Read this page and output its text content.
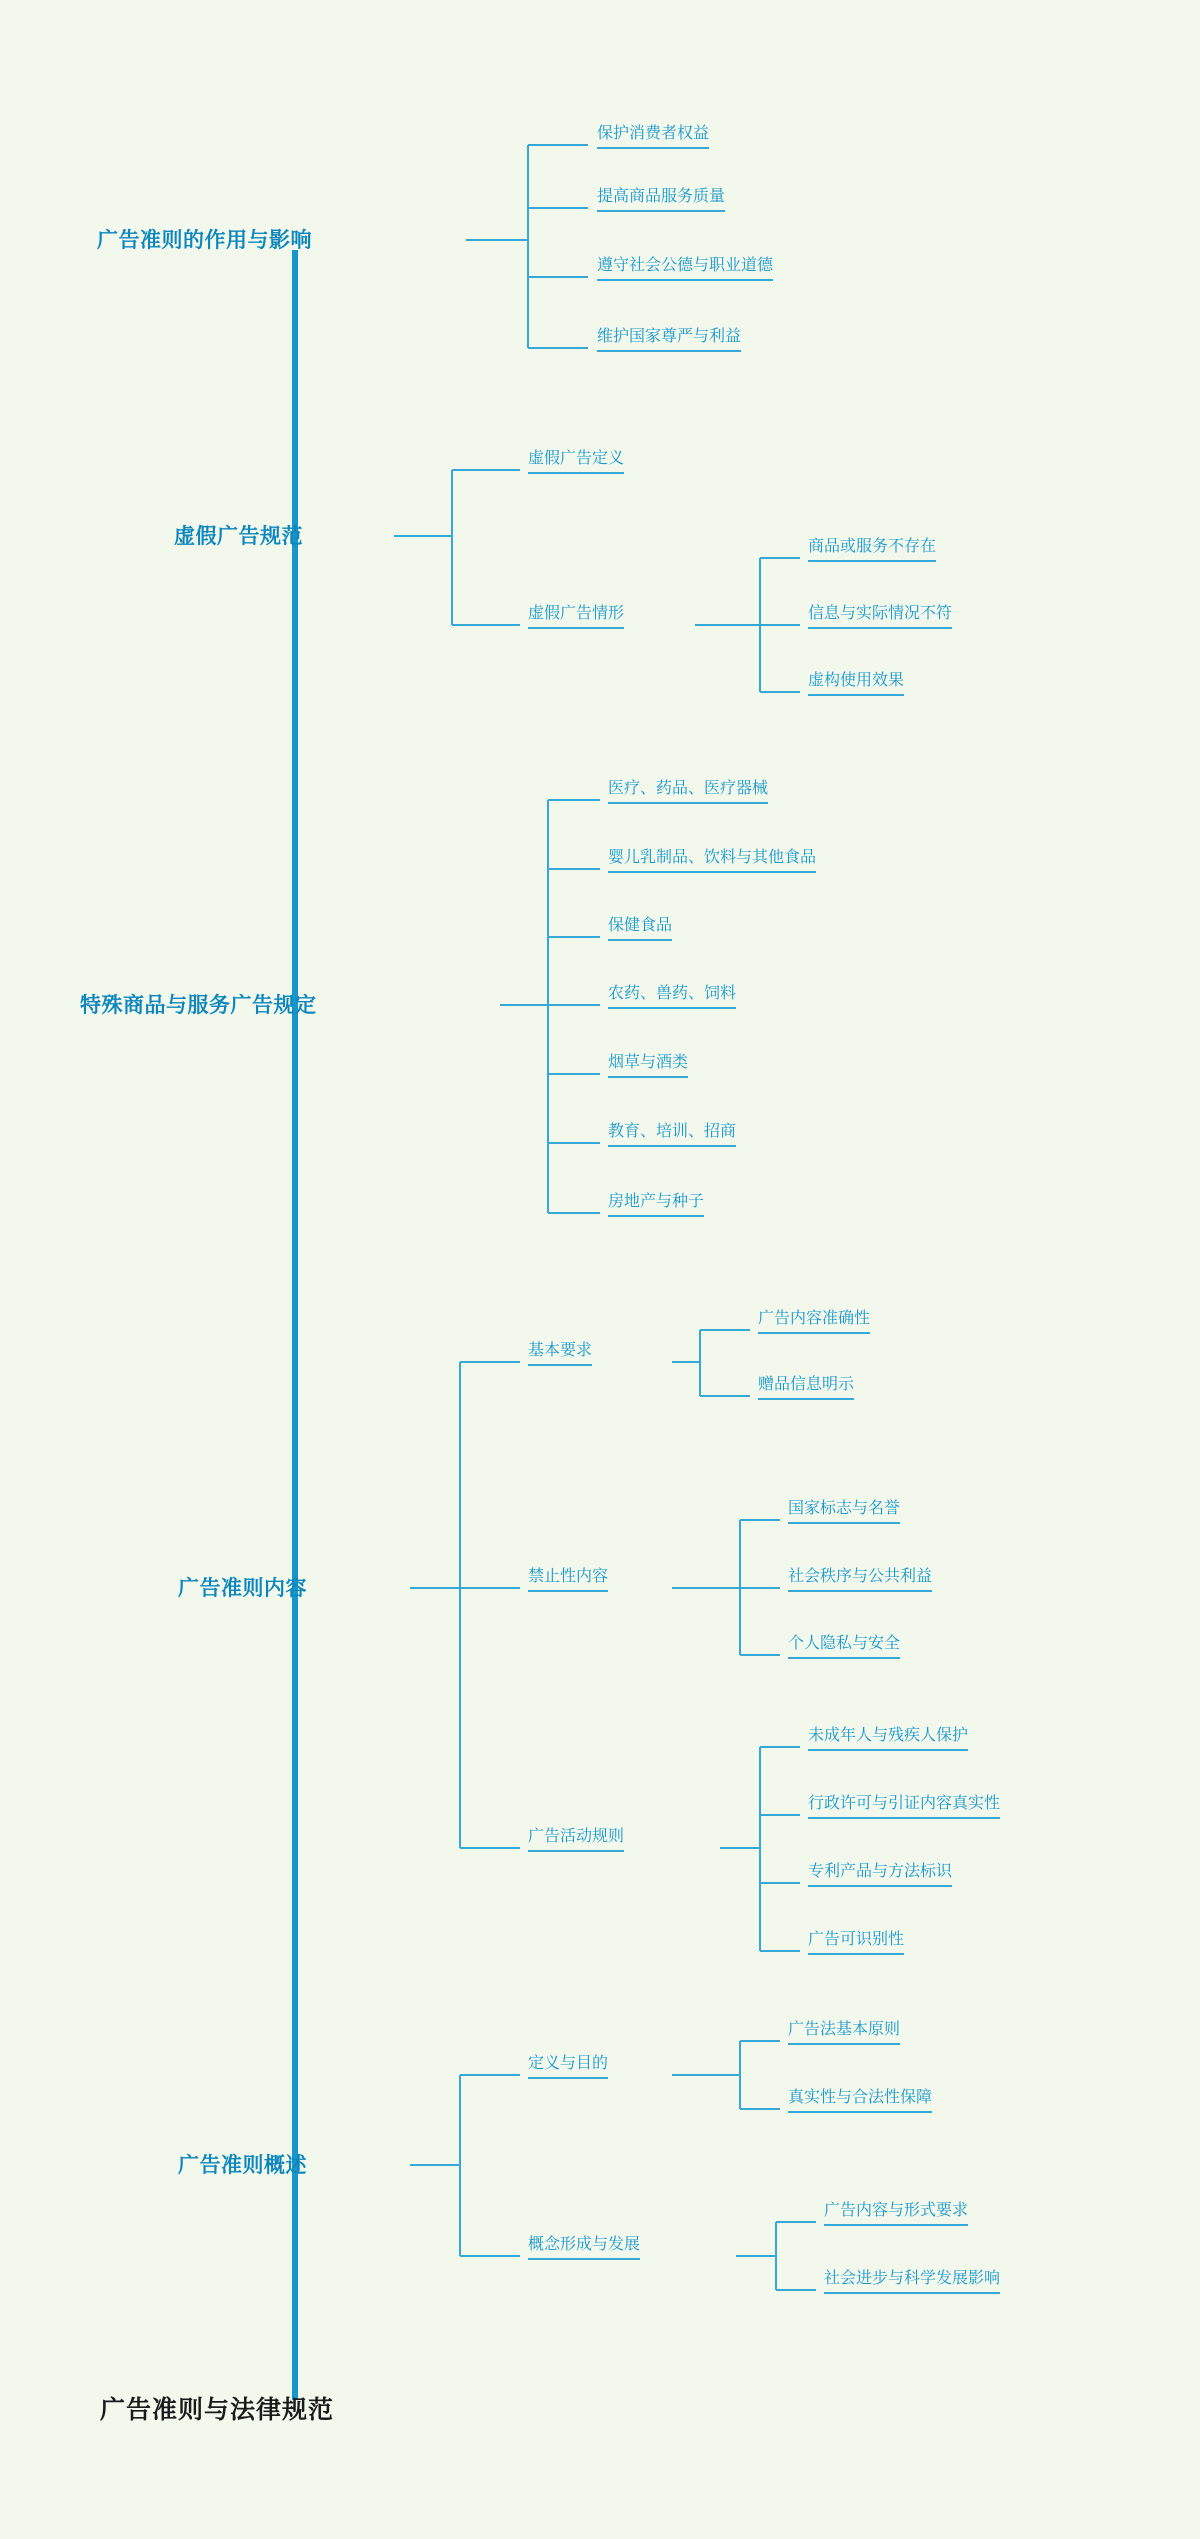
广告准则的作用与影响
保护消费者权益
提高商品服务质量
遵守社会公德与职业道德
维护国家尊严与利益
虚假广告规范
虚假广告定义
虚假广告情形
商品或服务不存在
信息与实际情况不符
虚构使用效果
特殊商品与服务广告规定
医疗、药品、医疗器械
婴儿乳制品、饮料与其他食品
保健食品
农药、兽药、饲料
烟草与酒类
教育、培训、招商
房地产与种子
广告准则内容
基本要求
广告内容准确性
赠品信息明示
禁止性内容
国家标志与名誉
社会秩序与公共利益
个人隐私与安全
广告活动规则
未成年人与残疾人保护
行政许可与引证内容真实性
专利产品与方法标识
广告可识别性
广告准则概述
定义与目的
广告法基本原则
真实性与合法性保障
概念形成与发展
广告内容与形式要求
社会进步与科学发展影响
广告准则与法律规范
